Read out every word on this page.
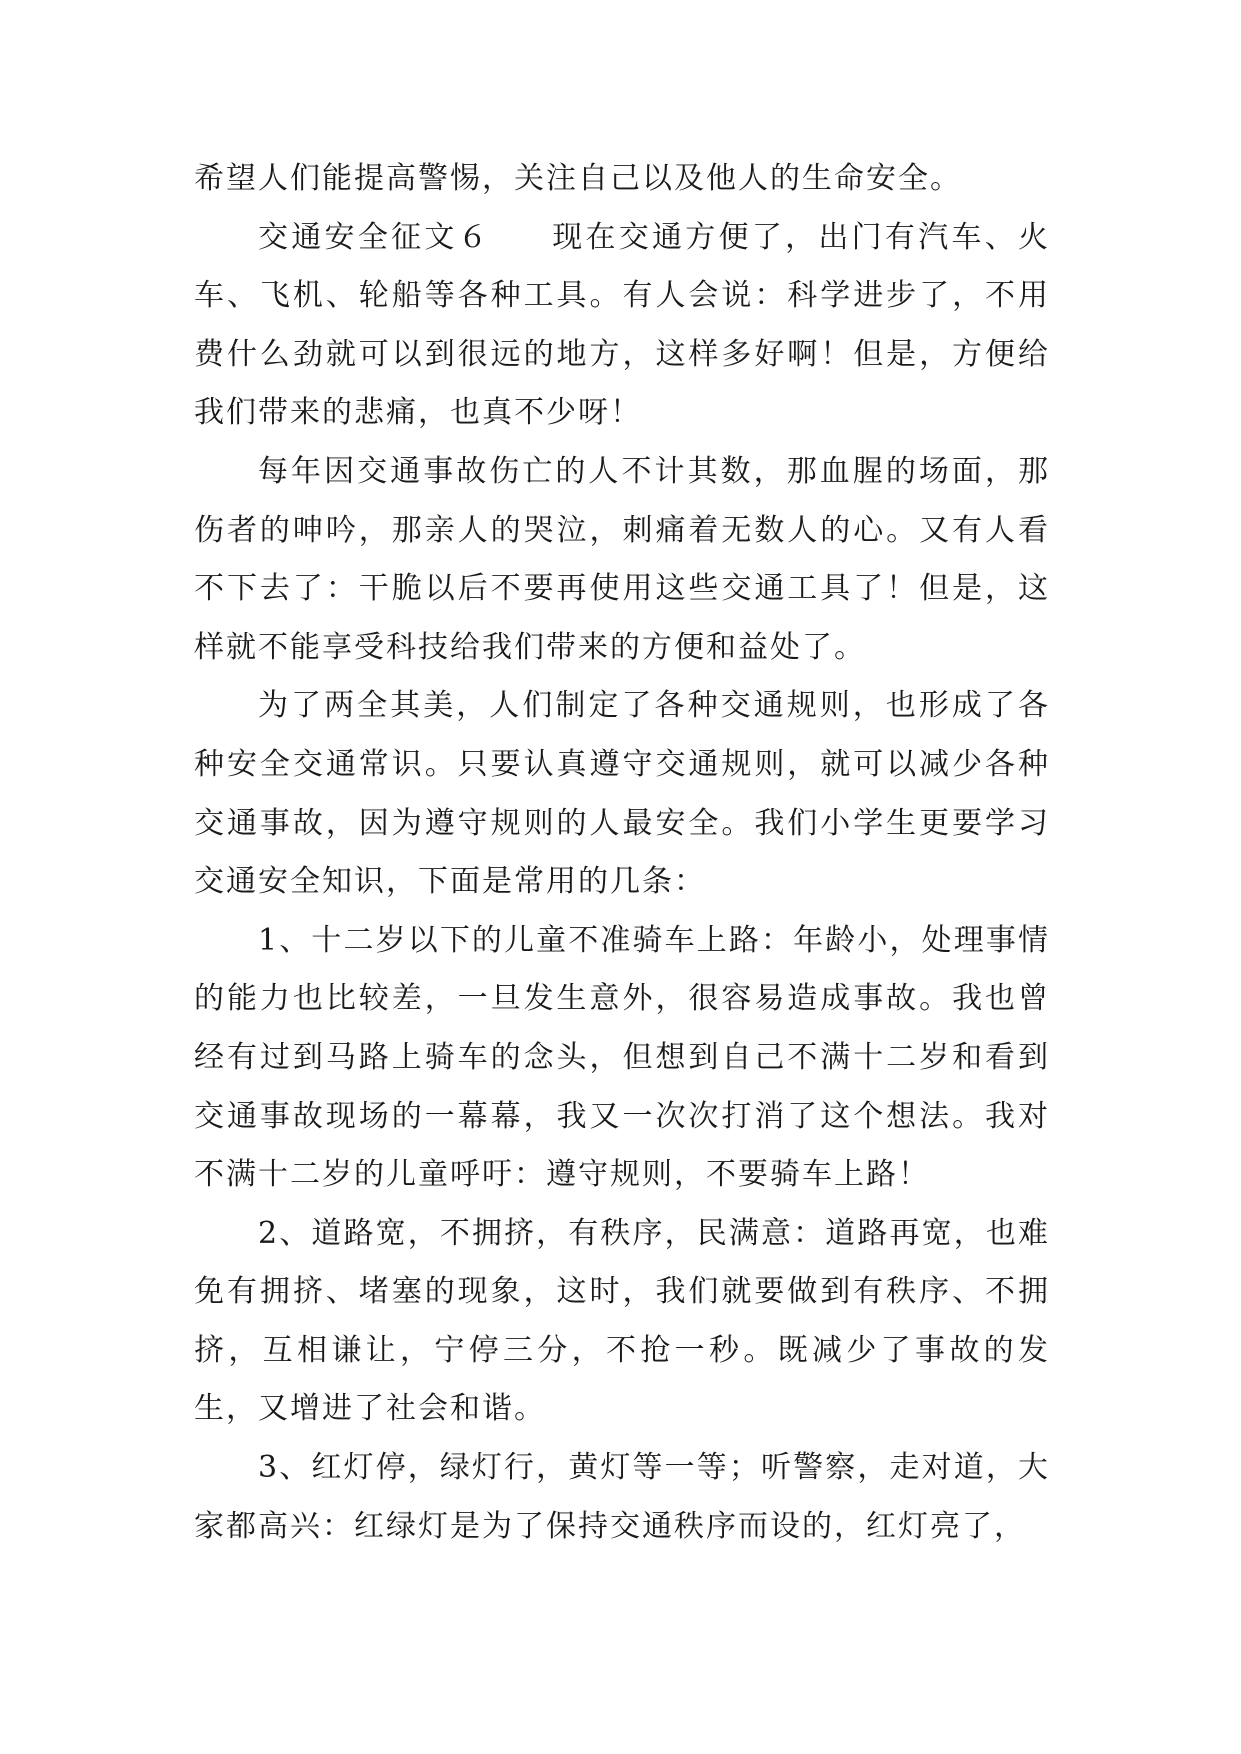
希望人们能提高警惕，关注自己以及他人的生命安全。

交通安全征文６ 现在交通方便了，出门有汽车、火车、飞机、轮船等各种工具。有人会说：科学进步了，不用费什么劲就可以到很远的地方，这样多好啊！但是，方便给我们带来的悲痛，也真不少呀！

每年因交通事故伤亡的人不计其数，那血腥的场面，那伤者的呻吟，那亲人的哭泣，刺痛着无数人的心。又有人看不下去了：干脆以后不要再使用这些交通工具了！但是，这样就不能享受科技给我们带来的方便和益处了。

为了两全其美，人们制定了各种交通规则，也形成了各种安全交通常识。只要认真遵守交通规则，就可以减少各种交通事故，因为遵守规则的人最安全。我们小学生更要学习交通安全知识，下面是常用的几条：

1、十二岁以下的儿童不准骑车上路：年龄小，处理事情的能力也比较差，一旦发生意外，很容易造成事故。我也曾经有过到马路上骑车的念头，但想到自己不满十二岁和看到交通事故现场的一幕幕，我又一次次打消了这个想法。我对不满十二岁的儿童呼吁：遵守规则，不要骑车上路！

2、道路宽，不拥挤，有秩序，民满意：道路再宽，也难免有拥挤、堵塞的现象，这时，我们就要做到有秩序、不拥挤，互相谦让，宁停三分，不抢一秒。既减少了事故的发生，又增进了社会和谐。

3、红灯停，绿灯行，黄灯等一等；听警察，走对道，大家都高兴：红绿灯是为了保持交通秩序而设的，红灯亮了，
